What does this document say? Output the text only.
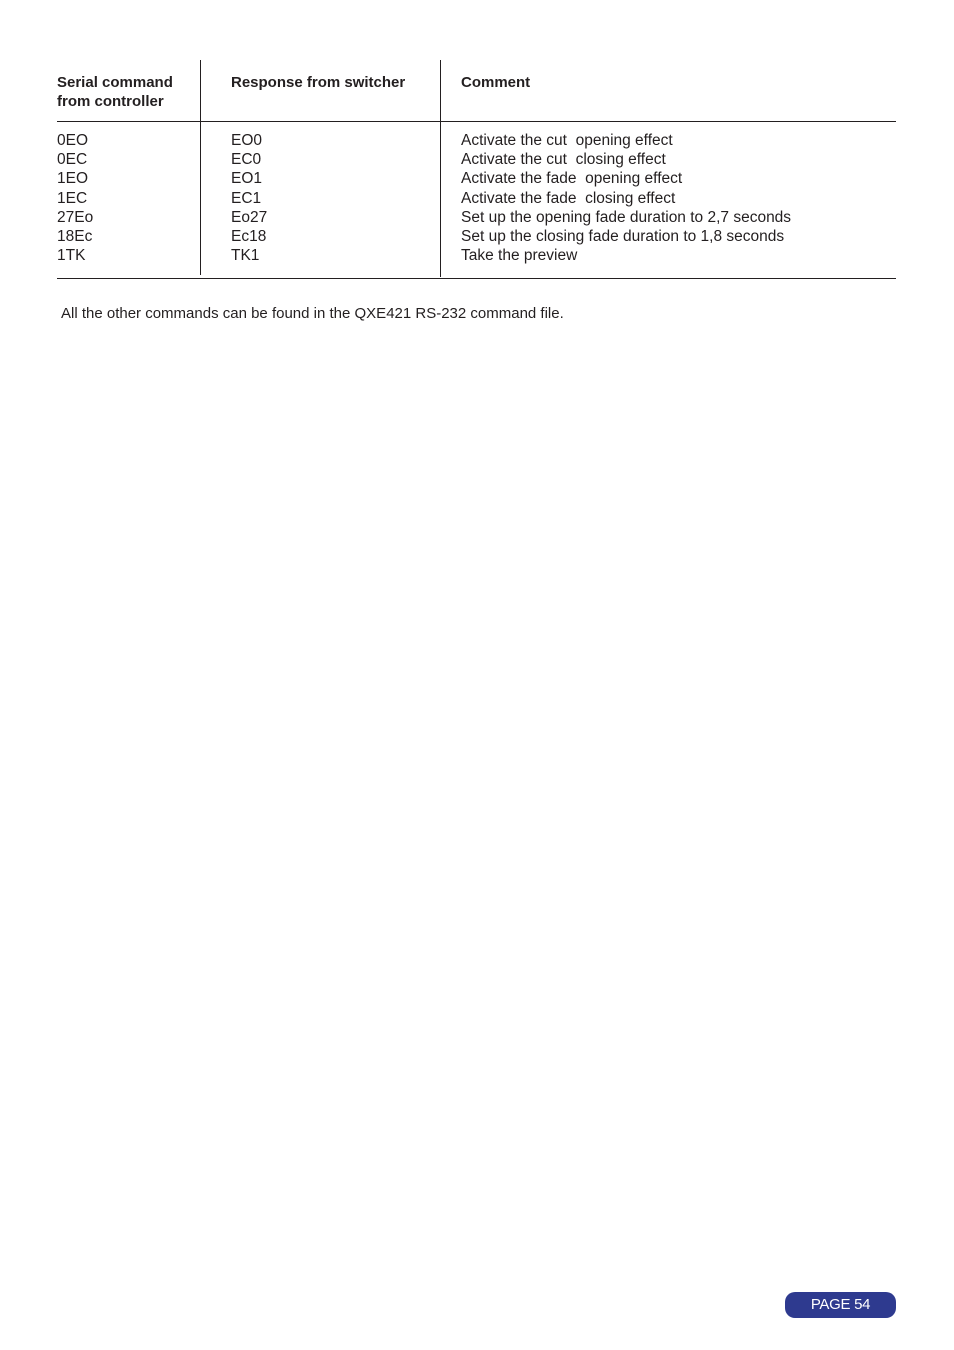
Serial command
from controller
Response from switcher	Comment
0EO
0EC
1EO
1EC
27Eo
18Ec
1TK
EO0
EC0
EO1
EC1
Eo27
Ec18
TK1
Activate the cut  opening effect
Activate the cut  closing effect
Activate the fade  opening effect
Activate the fade  closing effect
Set up the opening fade duration to 2,7 seconds
Set up the closing fade duration to 1,8 seconds
Take the preview
All the other commands can be found in the QXE421 RS-232 command file.
PAGE 54
